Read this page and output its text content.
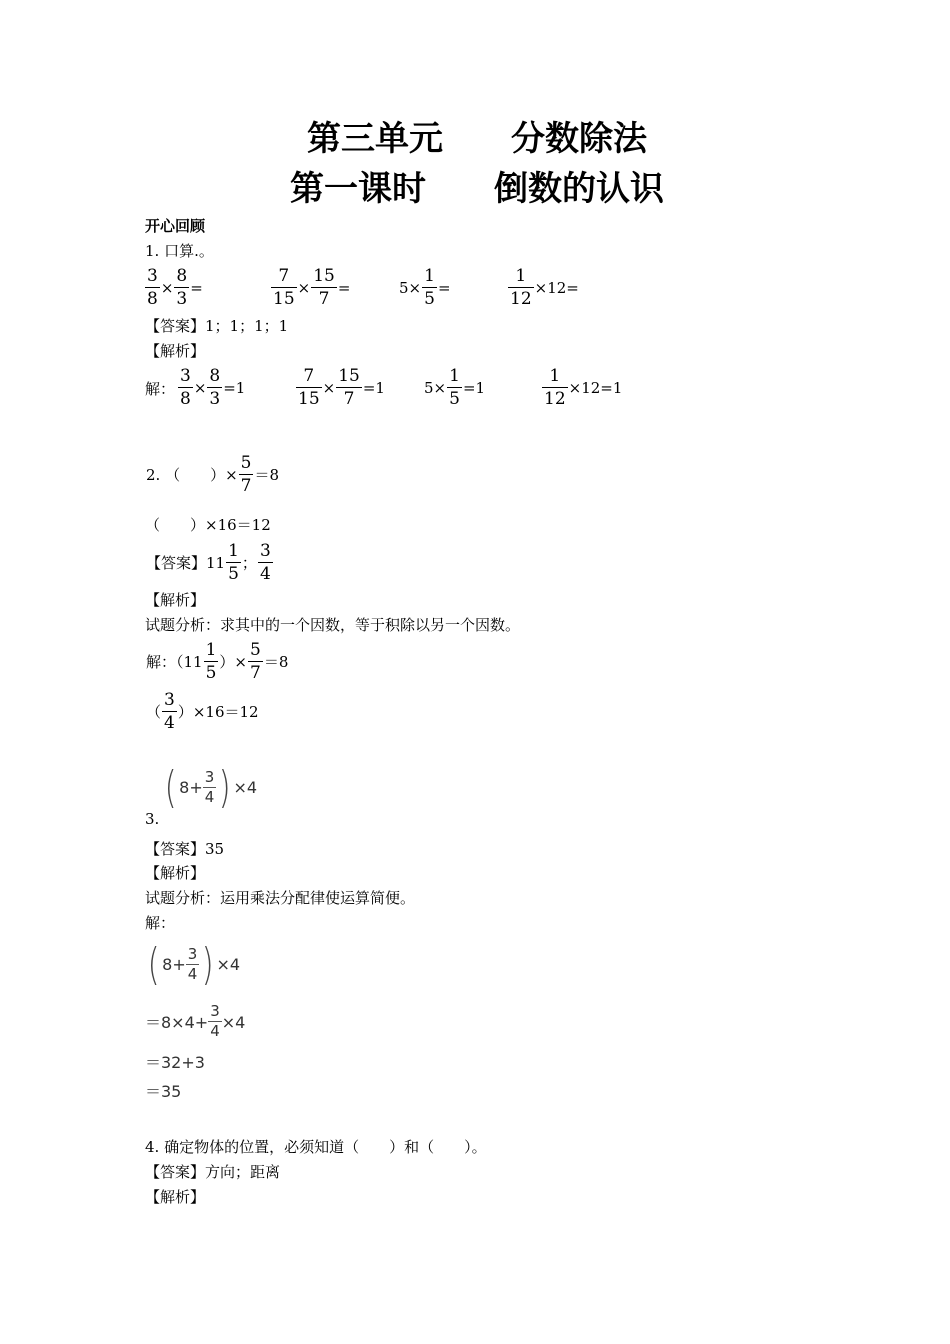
第三单元　　分数除法
第一课时　　倒数的认识
开心回顾
1. 口算.。
$\frac{3}{8} \times \frac{8}{3}$ =	$\frac{7}{15} \times \frac{15}{7}$ =	$5\times \frac{1}{5}$ =	$\frac{1}{12} \times 12=$
【答案】1；1；1；1
【解析】
解： $\frac{3}{8} \times \frac{8}{3} =1$	$\frac{7}{15} \times \frac{15}{7} =1$	$5\times \frac{1}{5} =1$	$\frac{1}{12} \times 12=1$
2. （　　）× $\frac{5}{7} =8$
（　　）×16＝12
【答案】$11 \frac{1}{5}$ ； $\frac{3}{4}$
【解析】
试题分析：求其中的一个因数，等于积除以另一个因数。
解：（$11 \frac{1}{5}$ ）× $\frac{5}{7} =8$
（ $\frac{3}{4} )\times 16=12$
( $8+ \frac{3}{4}$ ) ×4
3.
【答案】35
【解析】
试题分析：运用乘法分配律使运算简便。
解：
( $8+ \frac{3}{4}$ ) ×4
$=8\times 4+ \frac{3}{4} \times 4$
＝32+3
＝35
4. 确定物体的位置，必须知道（　　）和（　　）。
【答案】方向；距离
【解析】
